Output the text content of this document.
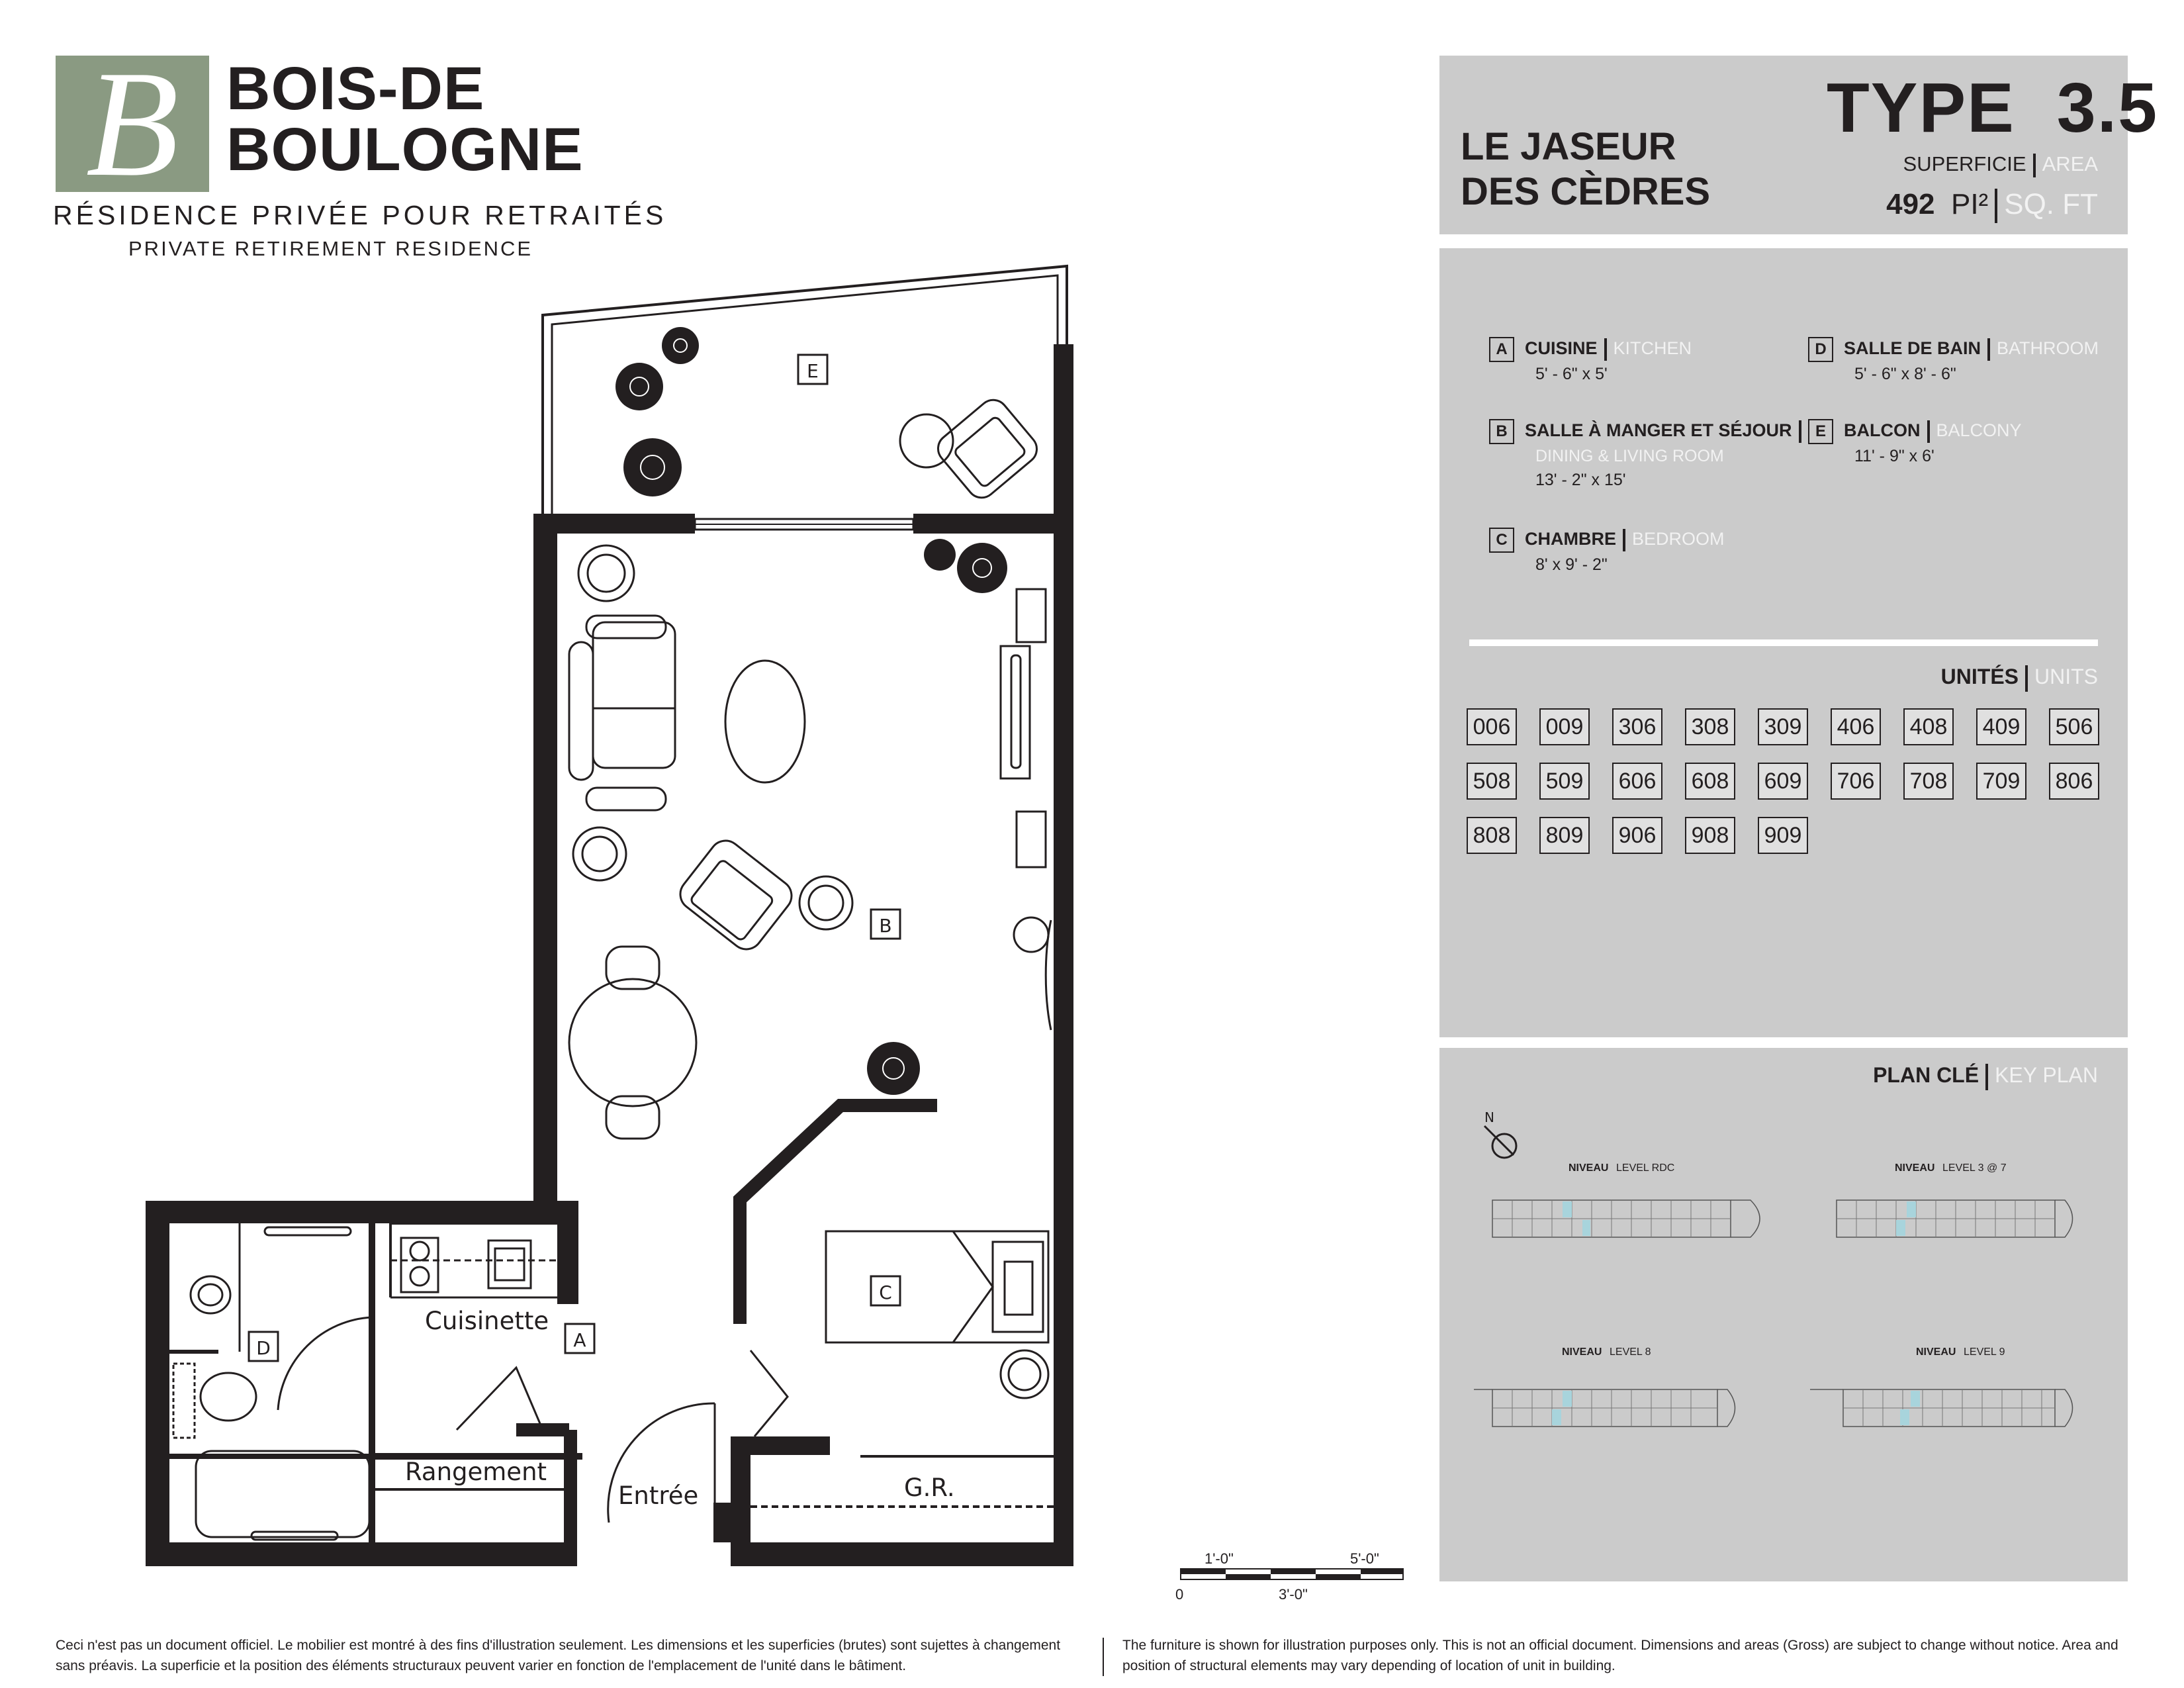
B BOIS-DE
BOULOGNE
RÉSIDENCE PRIVÉE POUR RETRAITÉS
PRIVATE RETIREMENT RESIDENCE
LE JASEUR
DES CÈDRES
TYPE 3.5
SUPERFICIE AREA
492 PI² SQ. FT
A CUISINE KITCHEN
5' - 6" x 5'
B SALLE À MANGER ET SÉJOUR
DINING & LIVING ROOM
13' - 2" x 15'
C CHAMBRE BEDROOM
8' x 9' - 2"
D SALLE DE BAIN BATHROOM
5' - 6" x 8' - 6"
E BALCON BALCONY
11' - 9" x 6'
UNITÉS UNITS
006 009 306 308 309 406 408 409 506
508 509 606 608 609 706 708 709 806
808 809 906 908 909
PLAN CLÉ KEY PLAN
N
NIVEAU LEVEL RDC	NIVEAU LEVEL 3 @ 7
NIVEAU LEVEL 8	NIVEAU LEVEL 9
E
B
C
D	A
Cuisinette
Rangement
Entrée	G.R.
1'-0"	5'-0"
0	3'-0"
Ceci n'est pas un document officiel. Le mobilier est montré à des fins d'illustration seulement. Les dimensions et les superficies (brutes) sont sujettes à changement sans préavis. La superficie et la position des éléments structuraux peuvent varier en fonction de l'emplacement de l'unité dans le bâtiment.
The furniture is shown for illustration purposes only. This is not an official document. Dimensions and areas (Gross) are subject to change without notice. Area and position of structural elements may vary depending of location of unit in building.
